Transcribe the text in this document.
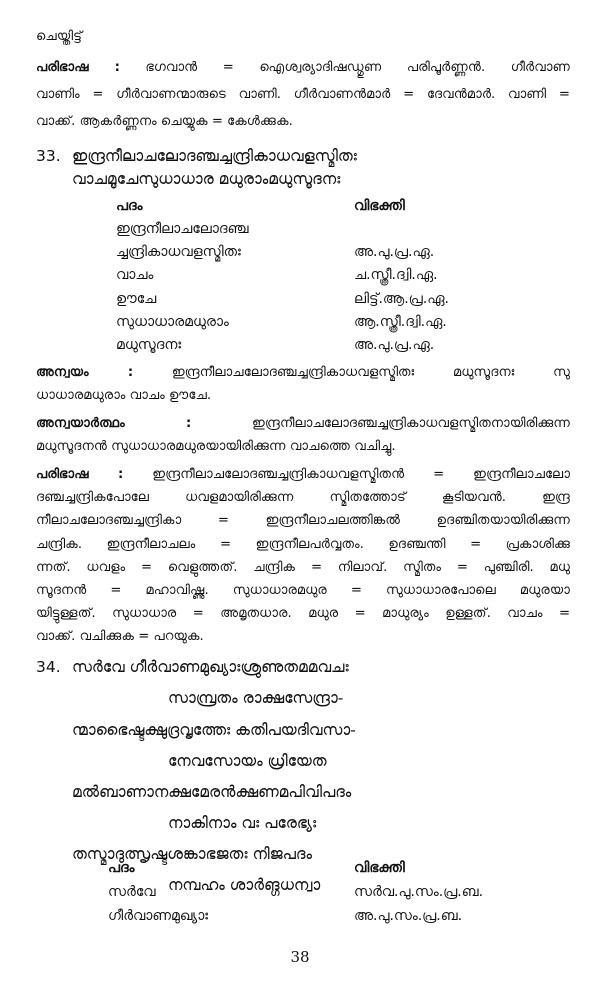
ചെയ്തിട്ട്
പരിഭാഷ : ഭഗവാൻ = ഐശ്വര്യാദിഷഡ്ഗുണ പരിപൂർണ്ണൻ. ഗീർവാണ
വാണിം = ഗീർവാണന്മാരുടെ വാണി. ഗീർവാണൻമാർ = ദേവൻമാർ. വാണി =
വാക്ക്. ആകർണ്ണനം ചെയ്യുക = കേൾക്കുക.
33. ഇന്ദ്രനീലാചലോദഞ്ചച്ചന്ദ്രികാധവളസ്മിതഃ
വാചമൂചേസുധാധാര മധുരാംമധുസൂദനഃ
പദം	വിഭക്തി
ഇന്ദ്രനീലാചലോദഞ്ച
ച്ചന്ദ്രികാധവളസ്മിതഃ	അ.പു.പ്ര.ഏ.
വാചം	ച.സ്ത്രീ.ദ്വി.ഏ.
ഊചേ	ലിട്ട്.ആ.പ്ര.ഏ.
സുധാധാരമധുരാം	ആ.സ്ത്രീ.ദ്വി.ഏ.
മധുസൂദനഃ	അ.പു.പ്ര.ഏ.
അന്വയം : ഇന്ദ്രനീലാചലോദഞ്ചച്ചന്ദ്രികാധവളസ്മിതഃ മധുസൂദനഃ സു
ധാധാരമധുരാം വാചം ഊചേ.
അന്വയാർത്ഥം : ഇന്ദ്രനീലാചലോദഞ്ചച്ചന്ദ്രികാധവളസ്മിതനായിരിക്കുന്ന
മധുസൂദനൻ സുധാധാരമധുരയായിരിക്കുന്ന വാചത്തെ വചിച്ചു.
പരിഭാഷ : ഇന്ദ്രനീലാചലോദഞ്ചച്ചന്ദ്രികാധവളസ്മിതൻ = ഇന്ദ്രനീലാചലോ
ദഞ്ചച്ചന്ദ്രികപോലേ ധവളമായിരിക്കുന്ന സ്മിതത്തോട് കൂടിയവൻ. ഇന്ദ്ര
നീലാചലോദഞ്ചച്ചന്ദ്രികാ = ഇന്ദ്രനീലാചലത്തിങ്കൽ ഉദഞ്ചിതയായിരിക്കുന്ന
ചന്ദ്രിക. ഇന്ദ്രനീലാചലം = ഇന്ദ്രനീലപർവ്വതം. ഉദഞ്ചന്തി = പ്രകാശിക്കു
ന്നത്. ധവളം = വെളുത്തത്. ചന്ദ്രിക = നിലാവ്. സ്മിതം = പുഞ്ചിരി. മധു
സൂദനൻ = മഹാവിഷ്ണു. സുധാധാരമധുര = സുധാധാരപോലെ മധുരയാ
യിട്ടുള്ളത്. സുധാധാര = അമൃതധാര. മധുര = മാധുര്യം ഉള്ളത്. വാചം =
വാക്ക്. വചിക്കുക = പറയുക.
34. സർവേ ഗീർവാണമുഖ്യാഃശ്രുണുതമമവചഃ
സാമ്പ്രതം രാക്ഷസേന്ദ്രാ-
ന്മാഭൈഷ്ടക്ഷുദ്രവൃത്തേഃ കതിപയദിവസാ-
നേവസോയം ധ്രിയേത
മൽബാണാനക്ഷമേരൻക്ഷണമപിവിപദം
നാകിനാം വഃ പരേഭ്യഃ
തസ്മാദുത്സൃഷ്ടശങ്കാഭജതഃ നിജപദം
നമ്പഹം ശാർങ്ഗധന്വാ
പദം	വിഭക്തി
സർവേ	സർവ.പു.സം.പ്ര.ബ.
ഗീർവാണമുഖ്യാഃ	അ.പു.സം.പ്ര.ബ.
38
